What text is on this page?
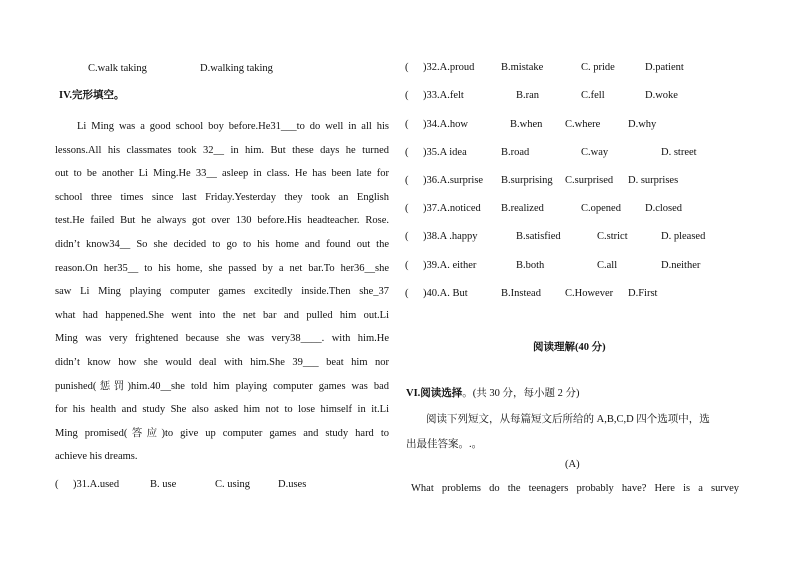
C.walk taking	D.walking taking
IV.完形填空。
Li Ming was a good school boy before.He31___to do well in all his
lessons.All his classmates took 32__ in him. But these days he turned
out to be another Li Ming.He 33__ asleep in class. He has been late for
school three times since last Friday.Yesterday they took an English
test.He failed But he always got over 130 before.His headteacher. Rose.
didn’t know34__ So she decided to go to his home and found out the
reason.On her35__ to his home, she passed by a net bar.To her36__she
saw Li Ming playing computer games excitedly inside.Then she_37
what had happened.She went into the net bar and pulled him out.Li
Ming was very frightened because she was very38____. with him.He
didn’t know how she would deal with him.She 39___ beat him nor
punished(惩罚)him.40__she told him playing computer games was bad
for his health and study She also asked him not to lose himself in it.Li
Ming promised(答应)to give up computer games and study hard to
achieve his dreams.
( )31.A.used	B. use	C. using	D.uses
( )32.A.proud	B.mistake	C. pride	D.patient
( )33.A.felt	B.ran	C.fell	D.woke
( )34.A.how	B.when C.where	D.why
( )35.A idea	B.road	C.way	D. street
( )36.A.surprise B.surprising C.surprised D. surprises
( )37.A.noticed B.realized	C.opened D.closed
( )38.A .happy	B.satisfied	C.strict	D. pleased
( )39.A. either	B.both	C.all	D.neither
( )40.A. But	B.Instead C.However D.First
阅读理解(40 分)
VI.阅读选择。(共 30 分，每小题 2 分)
阅读下列短文，从每篇短文后所给的 A,B,C,D 四个选项中，选
出最佳答案。.。
(A)
What problems do the teenagers probably have? Here is a survey
